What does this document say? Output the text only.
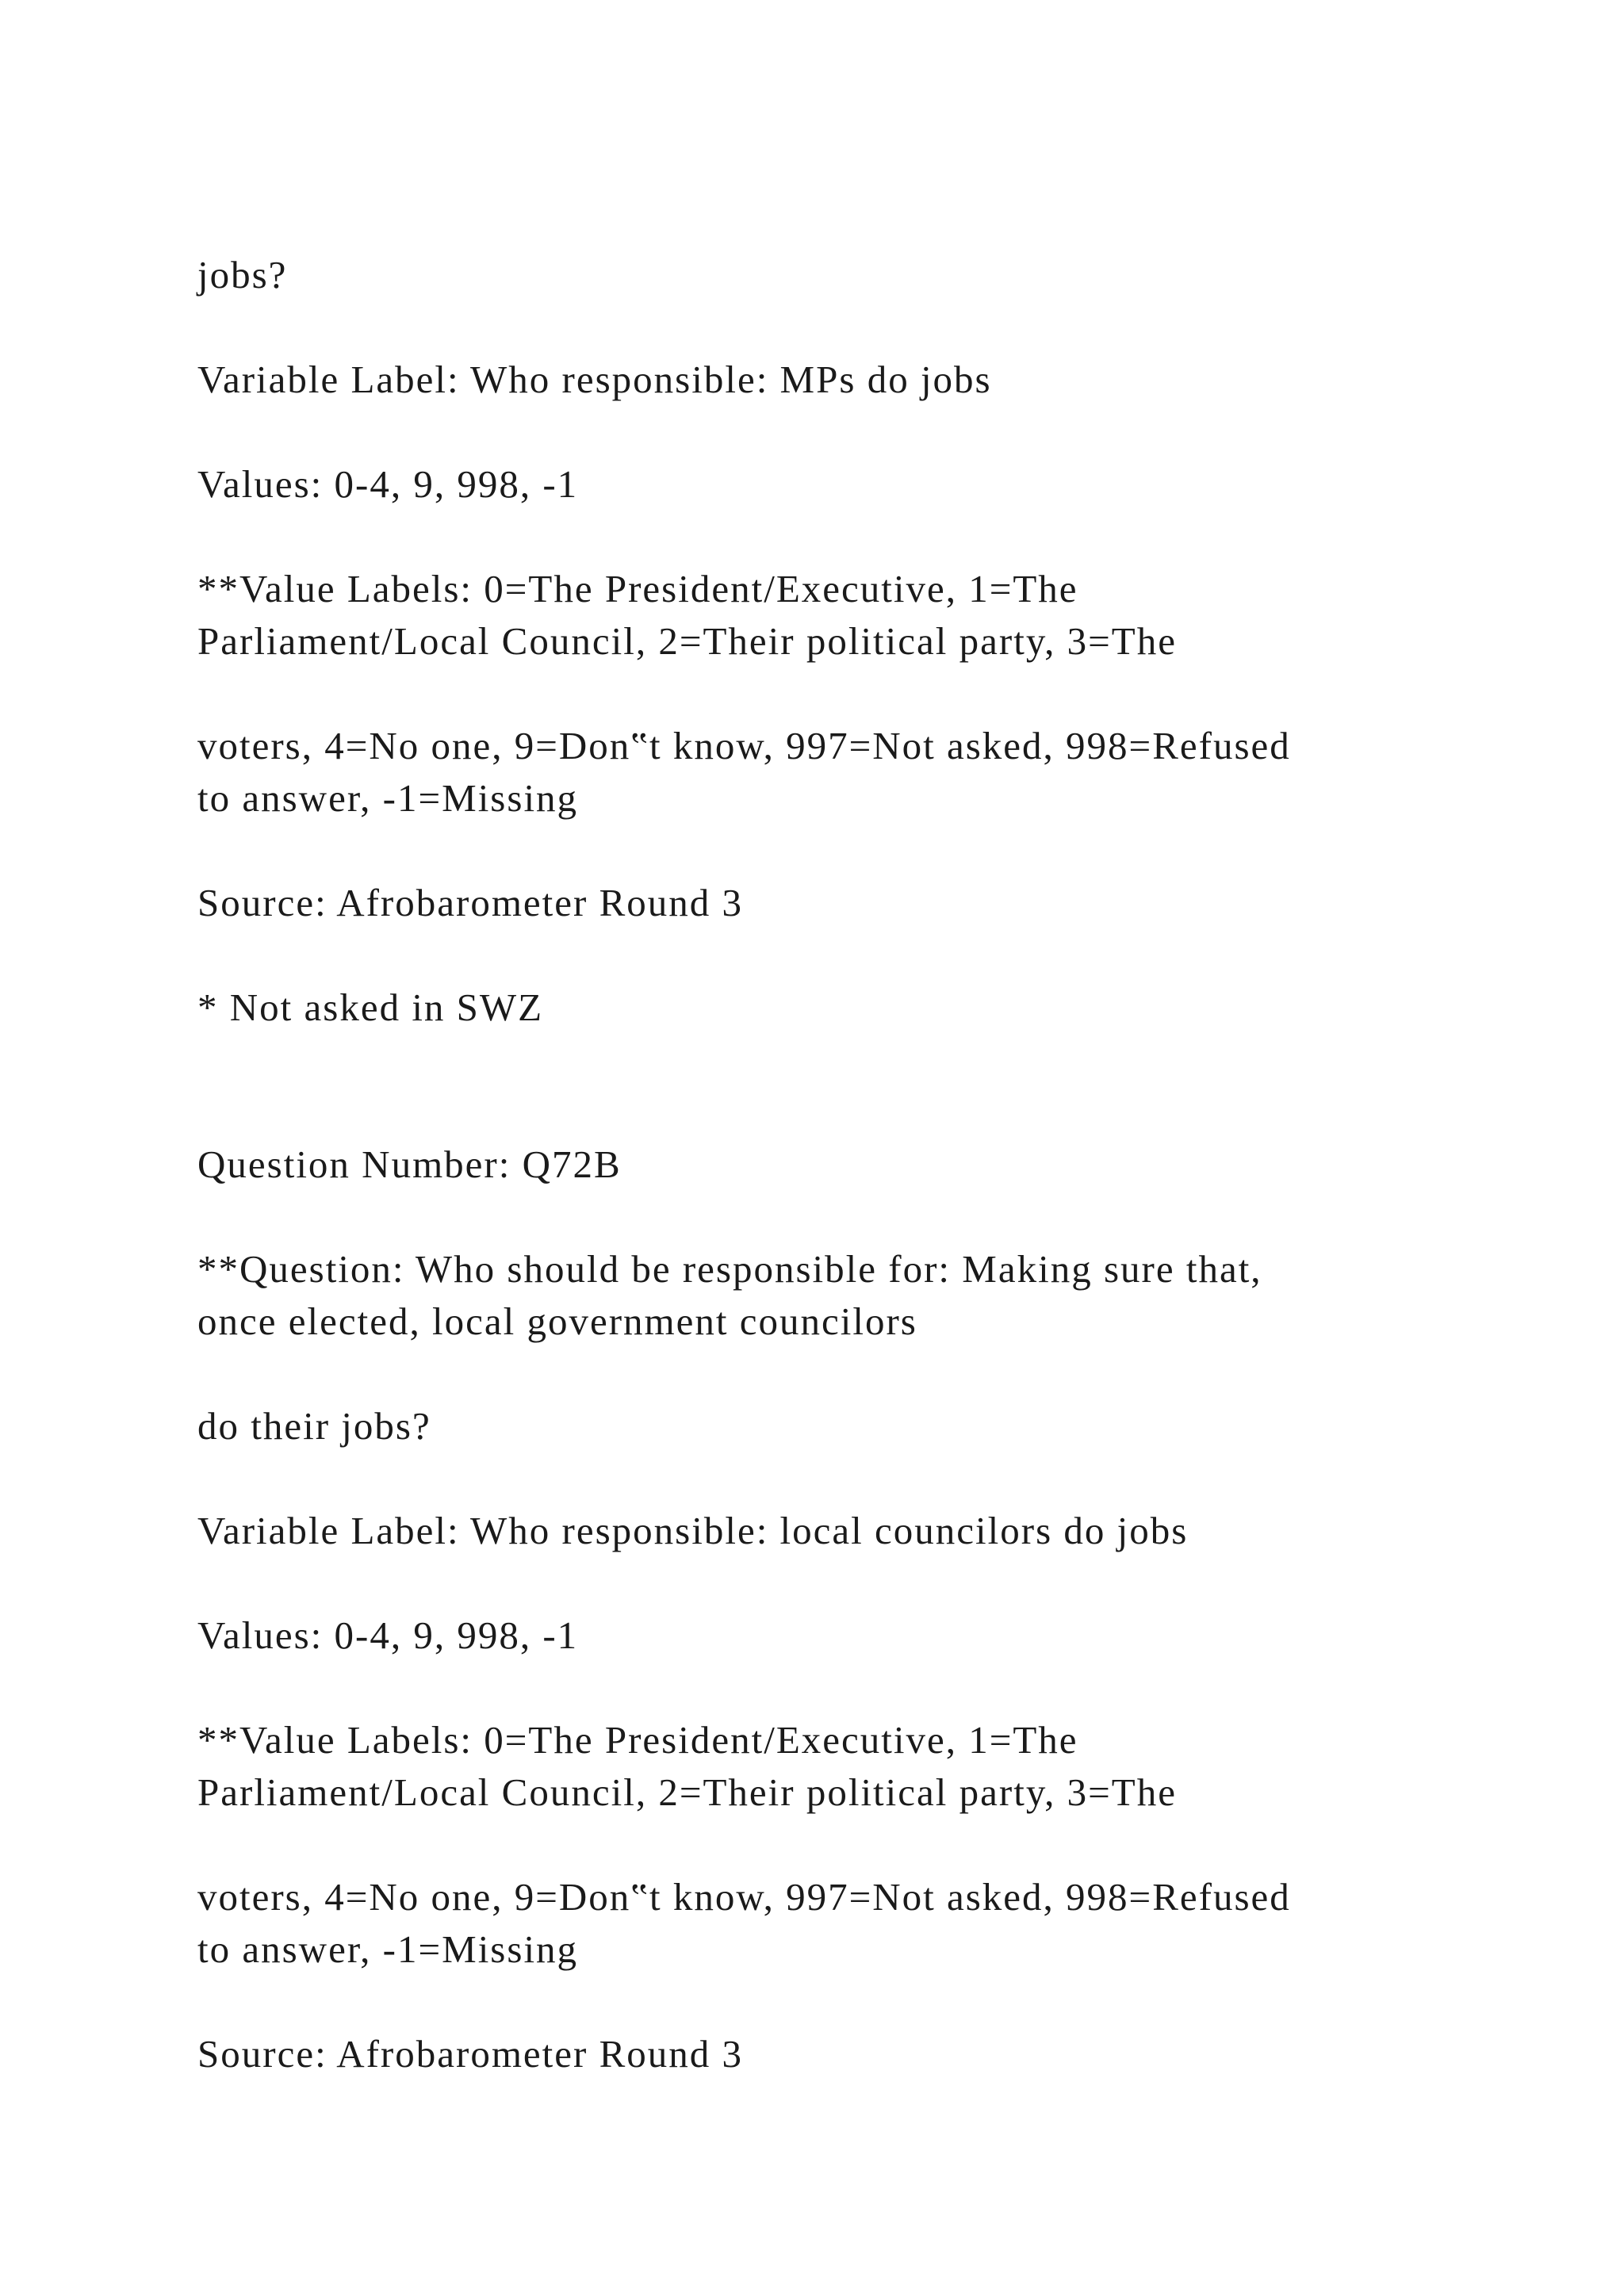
jobs?
Variable Label: Who responsible: MPs do jobs
Values: 0-4, 9, 998, -1
**Value Labels: 0=The President/Executive, 1=The
Parliament/Local Council, 2=Their political party, 3=The
voters, 4=No one, 9=Don‟t know, 997=Not asked, 998=Refused
to answer, -1=Missing
Source: Afrobarometer Round 3
* Not asked in SWZ
Question Number: Q72B
**Question: Who should be responsible for: Making sure that,
once elected, local government councilors
do their jobs?
Variable Label: Who responsible: local councilors do jobs
Values: 0-4, 9, 998, -1
**Value Labels: 0=The President/Executive, 1=The
Parliament/Local Council, 2=Their political party, 3=The
voters, 4=No one, 9=Don‟t know, 997=Not asked, 998=Refused
to answer, -1=Missing
Source: Afrobarometer Round 3
